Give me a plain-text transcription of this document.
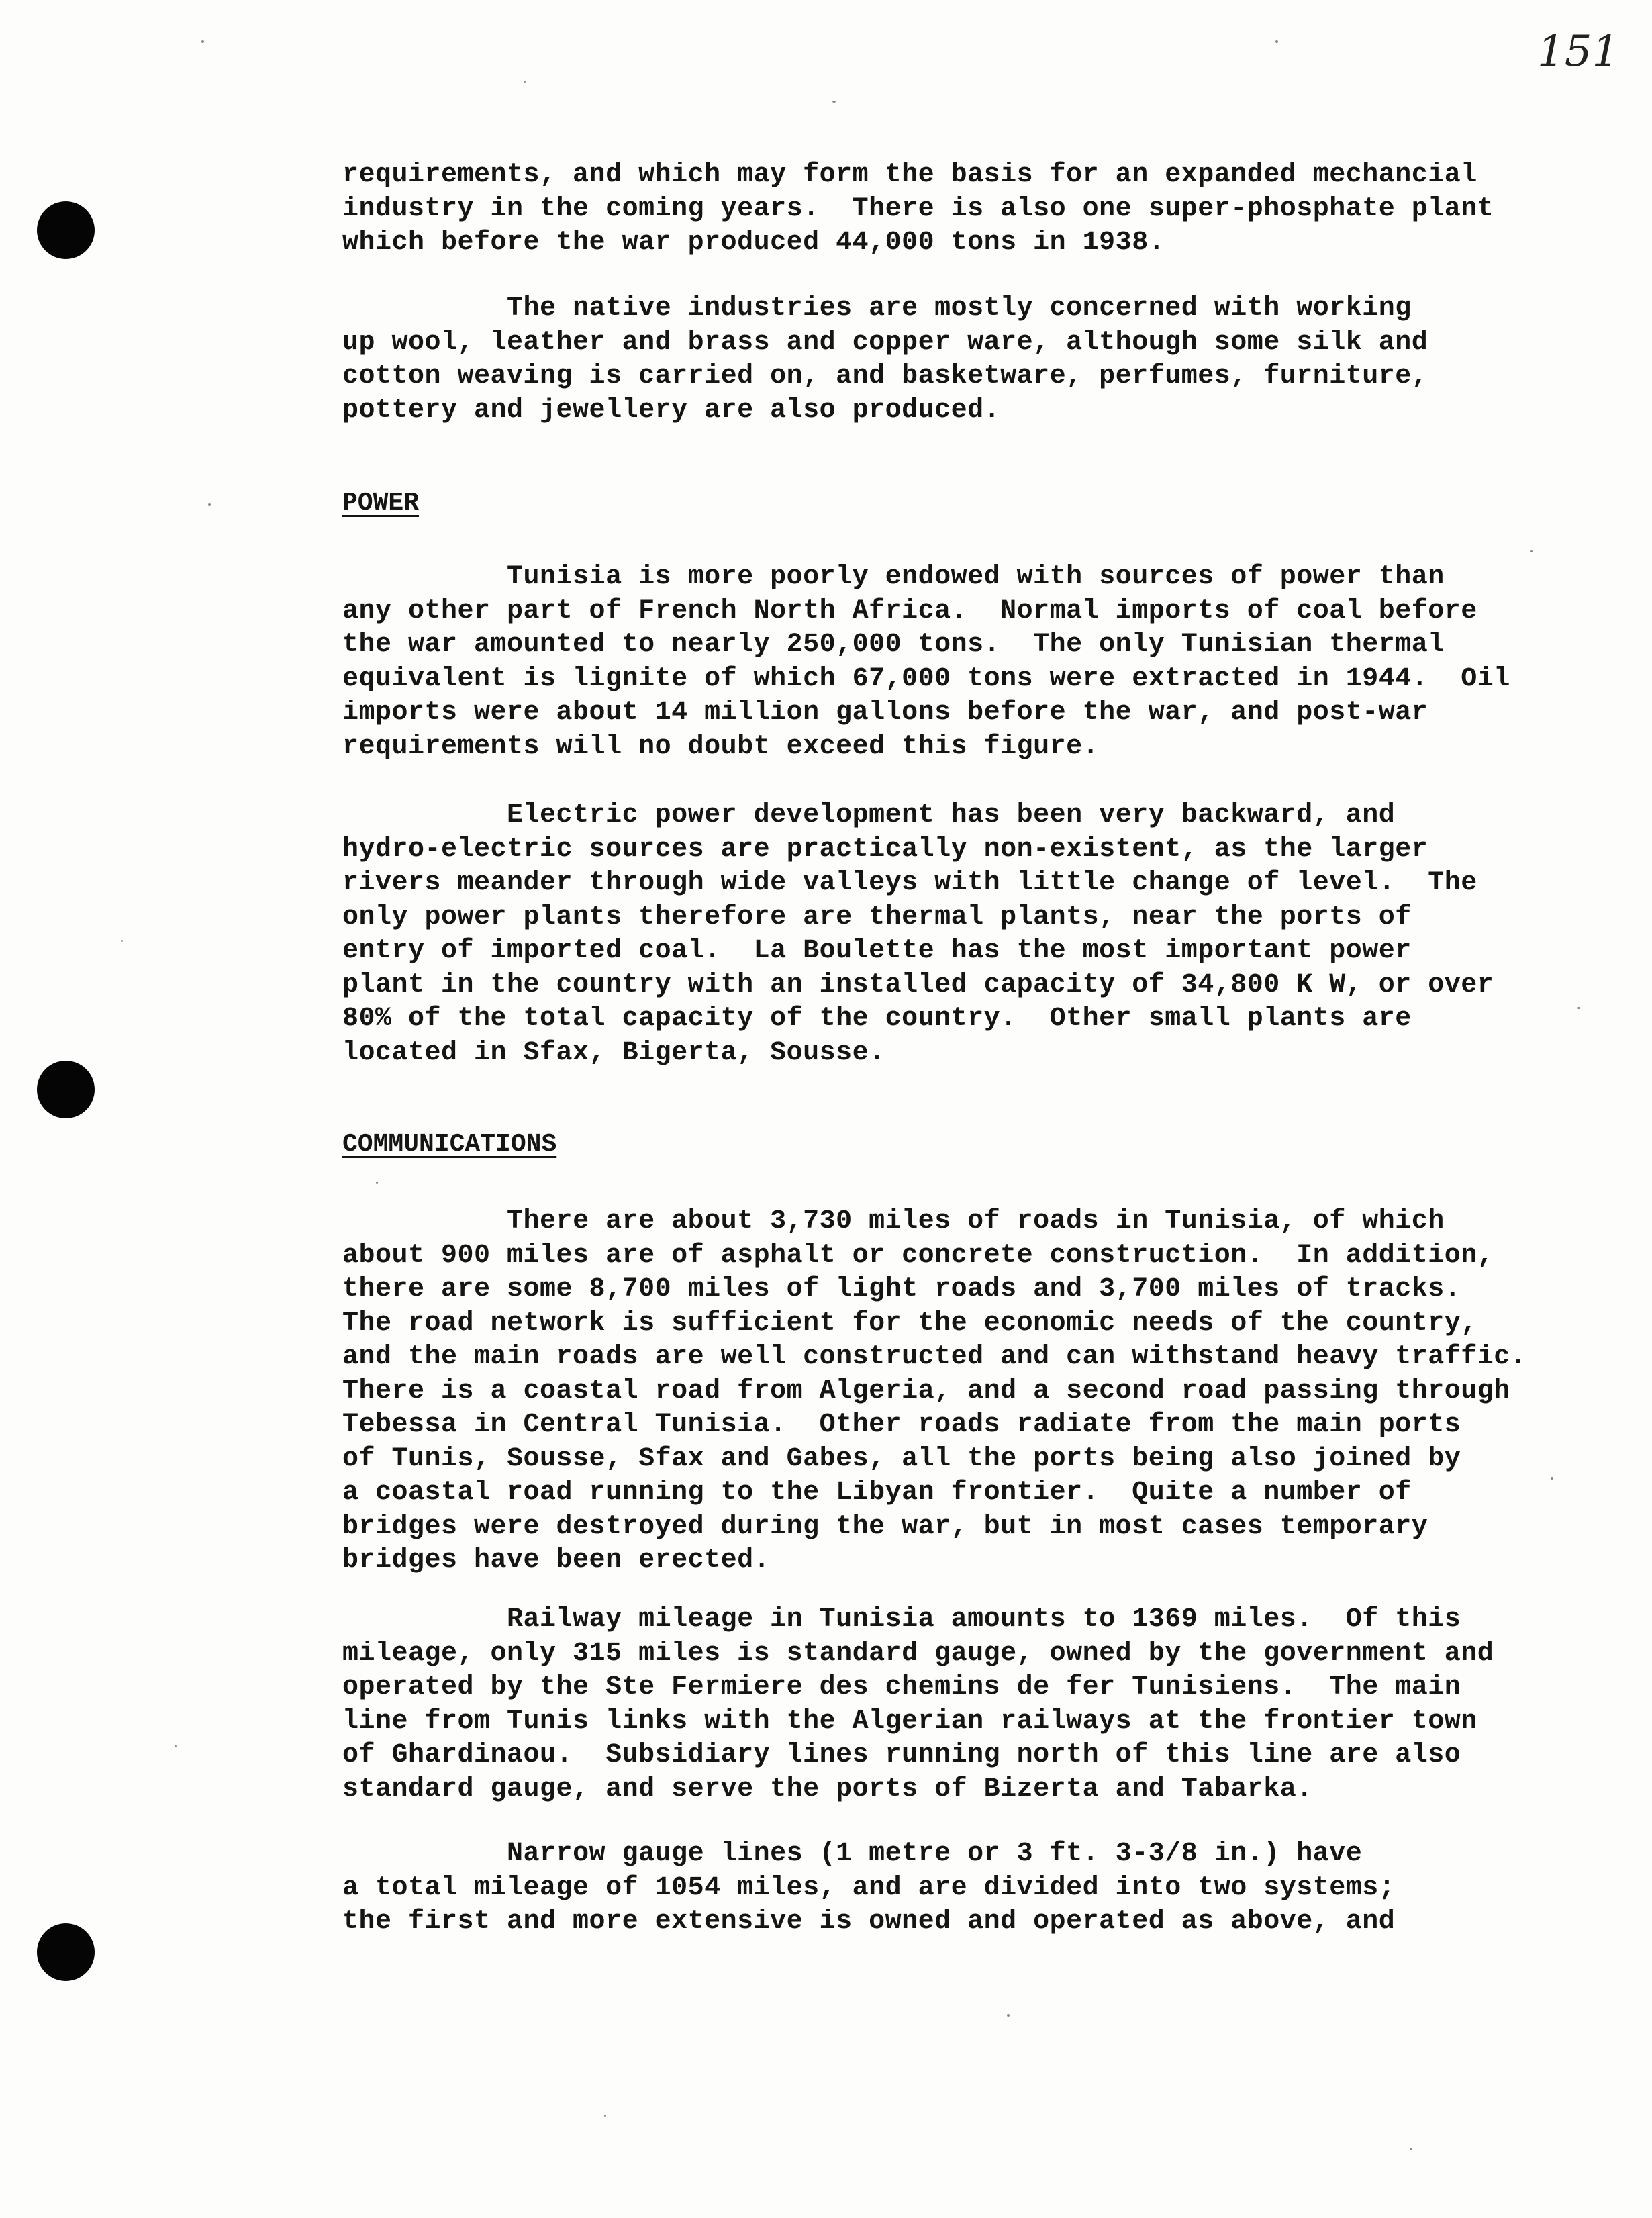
151

requirements, and which may form the basis for an expanded mechancial
industry in the coming years.  There is also one super-phosphate plant
which before the war produced 44,000 tons in 1938.

The native industries are mostly concerned with working
up wool, leather and brass and copper ware, although some silk and
cotton weaving is carried on, and basketware, perfumes, furniture,
pottery and jewellery are also produced.

POWER

Tunisia is more poorly endowed with sources of power than
any other part of French North Africa.  Normal imports of coal before
the war amounted to nearly 250,000 tons.  The only Tunisian thermal
equivalent is lignite of which 67,000 tons were extracted in 1944.  Oil
imports were about 14 million gallons before the war, and post-war
requirements will no doubt exceed this figure.

Electric power development has been very backward, and
hydro-electric sources are practically non-existent, as the larger
rivers meander through wide valleys with little change of level.  The
only power plants therefore are thermal plants, near the ports of
entry of imported coal.  La Boulette has the most important power
plant in the country with an installed capacity of 34,800 K W, or over
80% of the total capacity of the country.  Other small plants are
located in Sfax, Bigerta, Sousse.

COMMUNICATIONS

There are about 3,730 miles of roads in Tunisia, of which
about 900 miles are of asphalt or concrete construction.  In addition,
there are some 8,700 miles of light roads and 3,700 miles of tracks.
The road network is sufficient for the economic needs of the country,
and the main roads are well constructed and can withstand heavy traffic.
There is a coastal road from Algeria, and a second road passing through
Tebessa in Central Tunisia.  Other roads radiate from the main ports
of Tunis, Sousse, Sfax and Gabes, all the ports being also joined by
a coastal road running to the Libyan frontier.  Quite a number of
bridges were destroyed during the war, but in most cases temporary
bridges have been erected.

Railway mileage in Tunisia amounts to 1369 miles.  Of this
mileage, only 315 miles is standard gauge, owned by the government and
operated by the Ste Fermiere des chemins de fer Tunisiens.  The main
line from Tunis links with the Algerian railways at the frontier town
of Ghardinaou.  Subsidiary lines running north of this line are also
standard gauge, and serve the ports of Bizerta and Tabarka.

Narrow gauge lines (1 metre or 3 ft. 3-3/8 in.) have
a total mileage of 1054 miles, and are divided into two systems;
the first and more extensive is owned and operated as above, and
